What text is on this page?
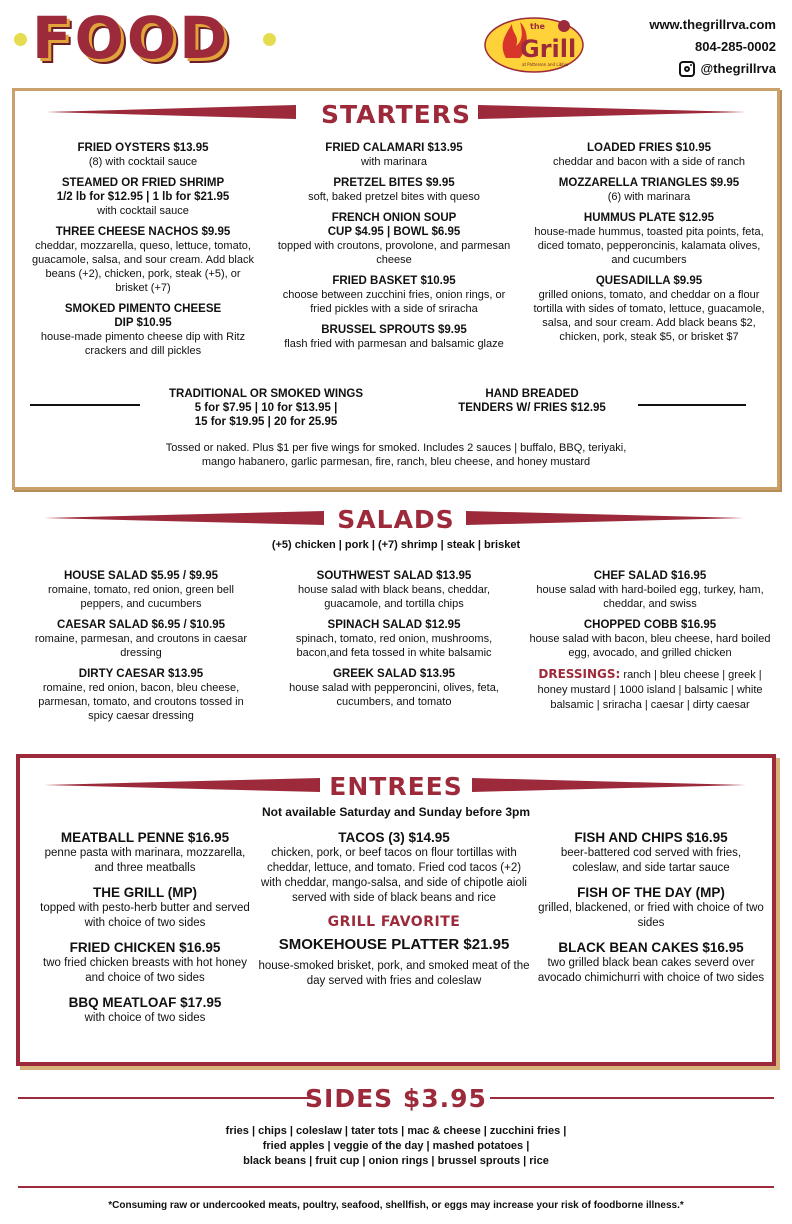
FOOD	the
Grill
at Patterson and Libbie
www.thegrillrva.com
804-285-0002
@thegrillrva
STARTERS
FRIED OYSTERS $13.95
(8) with cocktail sauce
STEAMED OR FRIED SHRIMP
1/2 lb for $12.95 | 1 lb for $21.95
with cocktail sauce
THREE CHEESE NACHOS $9.95
cheddar, mozzarella, queso, lettuce, tomato, guacamole, salsa, and sour cream. Add black beans (+2), chicken, pork, steak (+5), or brisket (+7)
SMOKED PIMENTO CHEESE
DIP $10.95
house-made pimento cheese dip with Ritz crackers and dill pickles
FRIED CALAMARI $13.95
with marinara
PRETZEL BITES $9.95
soft, baked pretzel bites with queso
FRENCH ONION SOUP
CUP $4.95 | BOWL $6.95
topped with croutons, provolone, and parmesan cheese
FRIED BASKET $10.95
choose between zucchini fries, onion rings, or fried pickles with a side of sriracha
BRUSSEL SPROUTS $9.95
flash fried with parmesan and balsamic glaze
LOADED FRIES $10.95
cheddar and bacon with a side of ranch
MOZZARELLA TRIANGLES $9.95
(6) with marinara
HUMMUS PLATE $12.95
house-made hummus, toasted pita points, feta, diced tomato, pepperoncinis, kalamata olives, and cucumbers
QUESADILLA $9.95
grilled onions, tomato, and cheddar on a flour tortilla with sides of tomato, lettuce, guacamole, salsa, and sour cream. Add black beans $2, chicken, pork, steak $5, or brisket $7
TRADITIONAL OR SMOKED WINGS
5 for $7.95 | 10 for $13.95 |
15 for $19.95 | 20 for 25.95
HAND BREADED
TENDERS W/ FRIES $12.95
Tossed or naked. Plus $1 per five wings for smoked. Includes 2 sauces | buffalo, BBQ, teriyaki,
mango habanero, garlic parmesan, fire, ranch, bleu cheese, and honey mustard
SALADS
(+5) chicken | pork | (+7) shrimp | steak | brisket
HOUSE SALAD $5.95 / $9.95
romaine, tomato, red onion, green bell peppers, and cucumbers
CAESAR SALAD $6.95 / $10.95
romaine, parmesan, and croutons in caesar dressing
DIRTY CAESAR $13.95
romaine, red onion, bacon, bleu cheese, parmesan, tomato, and croutons tossed in spicy caesar dressing
SOUTHWEST SALAD $13.95
house salad with black beans, cheddar, guacamole, and tortilla chips
SPINACH SALAD $12.95
spinach, tomato, red onion, mushrooms, bacon,and feta tossed in white balsamic
GREEK SALAD $13.95
house salad with pepperoncini, olives, feta, cucumbers, and tomato
CHEF SALAD $16.95
house salad with hard-boiled egg, turkey, ham, cheddar, and swiss
CHOPPED COBB $16.95
house salad with bacon, bleu cheese, hard boiled egg, avocado, and grilled chicken
DRESSINGS: ranch | bleu cheese | greek | honey mustard | 1000 island | balsamic | white balsamic | sriracha | caesar | dirty caesar
ENTREES
Not available Saturday and Sunday before 3pm
MEATBALL PENNE $16.95
penne pasta with marinara, mozzarella, and three meatballs
THE GRILL (MP)
topped with pesto-herb butter and served with choice of two sides
FRIED CHICKEN $16.95
two fried chicken breasts with hot honey and choice of two sides
BBQ MEATLOAF $17.95
with choice of two sides
TACOS (3) $14.95
chicken, pork, or beef tacos on flour tortillas with cheddar, lettuce, and tomato. Fried cod tacos (+2) with cheddar, mango-salsa, and side of chipotle aioli served with side of black beans and rice
GRILL FAVORITE
SMOKEHOUSE PLATTER $21.95
house-smoked brisket, pork, and smoked meat of the day served with fries and coleslaw
FISH AND CHIPS $16.95
beer-battered cod served with fries, coleslaw, and side tartar sauce
FISH OF THE DAY (MP)
grilled, blackened, or fried with choice of two sides
BLACK BEAN CAKES $16.95
two grilled black bean cakes severd over avocado chimichurri with choice of two sides
SIDES $3.95
fries | chips | coleslaw | tater tots | mac & cheese | zucchini fries |
fried apples | veggie of the day | mashed potatoes |
black beans | fruit cup | onion rings | brussel sprouts | rice
*Consuming raw or undercooked meats, poultry, seafood, shellfish, or eggs may increase your risk of foodborne illness.*
